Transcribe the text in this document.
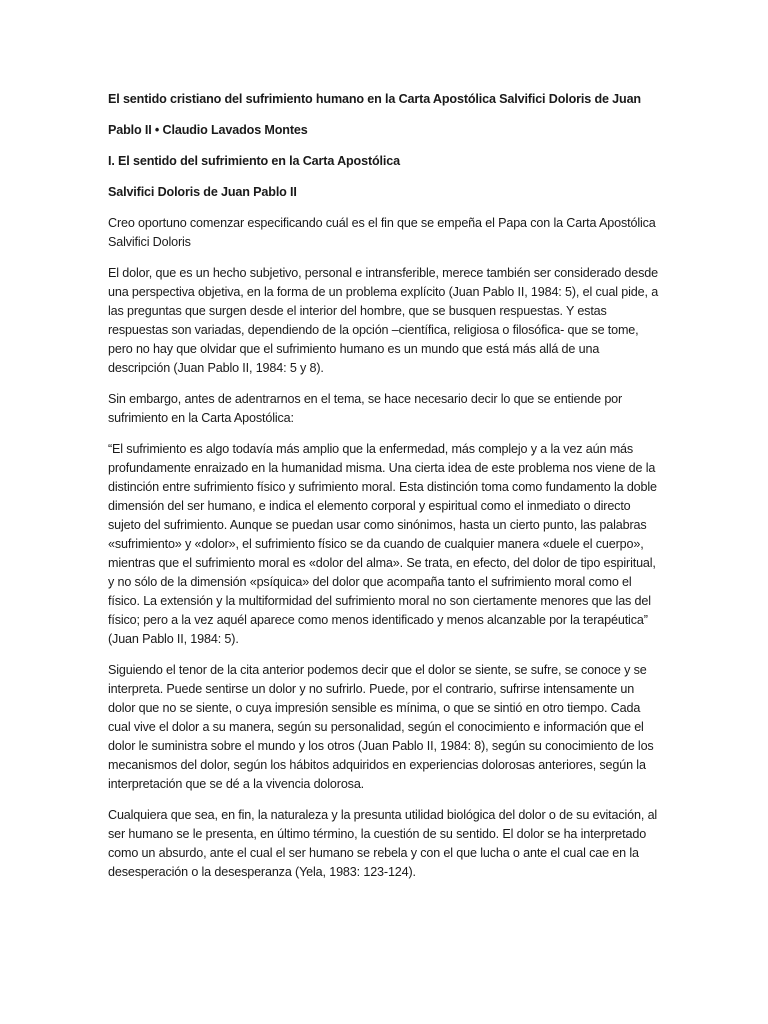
El sentido cristiano del sufrimiento humano en la Carta Apostólica Salvifici Doloris de Juan

Pablo II • Claudio Lavados Montes

I. El sentido del sufrimiento en la Carta Apostólica

Salvifici Doloris de Juan Pablo II

Creo oportuno comenzar especificando cuál es el fin que se empeña el Papa con la Carta Apostólica Salvifici Doloris

El dolor, que es un hecho subjetivo, personal e intransferible, merece también ser considerado desde una perspectiva objetiva, en la forma de un problema explícito (Juan Pablo II, 1984: 5), el cual pide, a las preguntas que surgen desde el interior del hombre, que se busquen respuestas. Y estas respuestas son variadas, dependiendo de la opción –científica, religiosa o filosófica- que se tome, pero no hay que olvidar que el sufrimiento humano es un mundo que está más allá de una descripción (Juan Pablo II, 1984: 5 y 8).

Sin embargo, antes de adentrarnos en el tema, se hace necesario decir lo que se entiende por sufrimiento en la Carta Apostólica:

“El sufrimiento es algo todavía más amplio que la enfermedad, más complejo y a la vez aún más profundamente enraizado en la humanidad misma. Una cierta idea de este problema nos viene de la distinción entre sufrimiento físico y sufrimiento moral. Esta distinción toma como fundamento la doble dimensión del ser humano, e indica el elemento corporal y espiritual como el inmediato o directo sujeto del sufrimiento. Aunque se puedan usar como sinónimos, hasta un cierto punto, las palabras «sufrimiento» y «dolor», el sufrimiento físico se da cuando de cualquier manera «duele el cuerpo», mientras que el sufrimiento moral es «dolor del alma». Se trata, en efecto, del dolor de tipo espiritual, y no sólo de la dimensión «psíquica» del dolor que acompaña tanto el sufrimiento moral como el físico. La extensión y la multiformidad del sufrimiento moral no son ciertamente menores que las del físico; pero a la vez aquél aparece como menos identificado y menos alcanzable por la terapéutica” (Juan Pablo II, 1984: 5).

Siguiendo el tenor de la cita anterior podemos decir que el dolor se siente, se sufre, se conoce y se interpreta. Puede sentirse un dolor y no sufrirlo. Puede, por el contrario, sufrirse intensamente un dolor que no se siente, o cuya impresión sensible es mínima, o que se sintió en otro tiempo. Cada cual vive el dolor a su manera, según su personalidad, según el conocimiento e información que el dolor le suministra sobre el mundo y los otros (Juan Pablo II, 1984: 8), según su conocimiento de los mecanismos del dolor, según los hábitos adquiridos en experiencias dolorosas anteriores, según la interpretación que se dé a la vivencia dolorosa.

Cualquiera que sea, en fin, la naturaleza y la presunta utilidad biológica del dolor o de su evitación, al ser humano se le presenta, en último término, la cuestión de su sentido. El dolor se ha interpretado como un absurdo, ante el cual el ser humano se rebela y con el que lucha o ante el cual cae en la desesperación o la desesperanza (Yela, 1983: 123-124).
